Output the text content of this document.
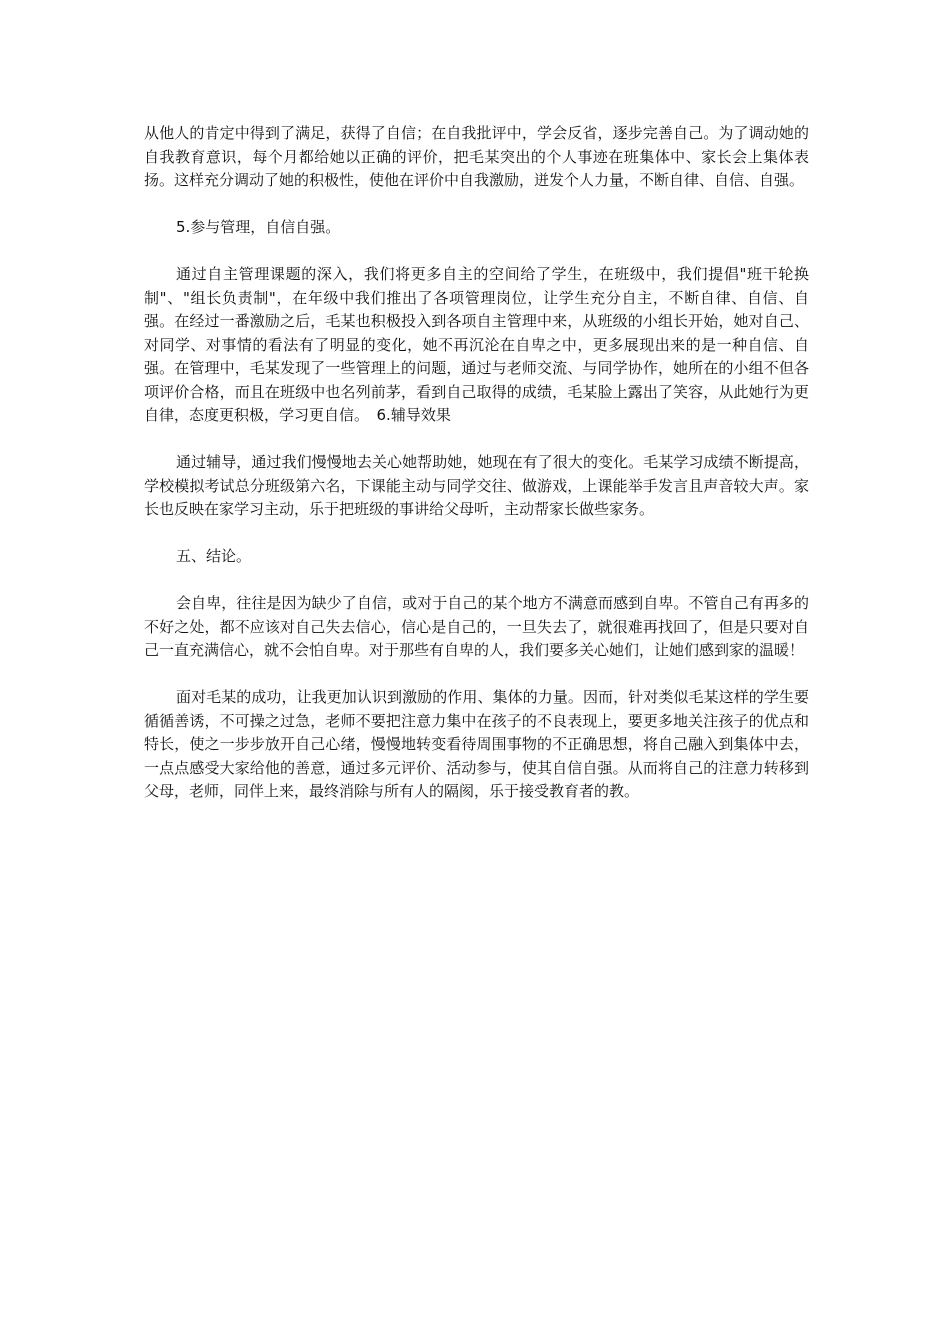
从他人的肯定中得到了满足，获得了自信；在自我批评中，学会反省，逐步完善自己。为了调动她的自我教育意识，每个月都给她以正确的评价，把毛某突出的个人事迹在班集体中、家长会上集体表扬。这样充分调动了她的积极性，使他在评价中自我激励，迸发个人力量，不断自律、自信、自强。

5.参与管理，自信自强。

通过自主管理课题的深入，我们将更多自主的空间给了学生，在班级中，我们提倡"班干轮换制"、"组长负责制"，在年级中我们推出了各项管理岗位，让学生充分自主，不断自律、自信、自强。在经过一番激励之后，毛某也积极投入到各项自主管理中来，从班级的小组长开始，她对自己、对同学、对事情的看法有了明显的变化，她不再沉沦在自卑之中，更多展现出来的是一种自信、自强。在管理中，毛某发现了一些管理上的问题，通过与老师交流、与同学协作，她所在的小组不但各项评价合格，而且在班级中也名列前茅，看到自己取得的成绩，毛某脸上露出了笑容，从此她行为更自律，态度更积极，学习更自信。　6.辅导效果

通过辅导，通过我们慢慢地去关心她帮助她，她现在有了很大的变化。毛某学习成绩不断提高，学校模拟考试总分班级第六名，下课能主动与同学交往、做游戏，上课能举手发言且声音较大声。家长也反映在家学习主动，乐于把班级的事讲给父母听，主动帮家长做些家务。

五、结论。

会自卑，往往是因为缺少了自信，或对于自己的某个地方不满意而感到自卑。不管自己有再多的不好之处，都不应该对自己失去信心，信心是自己的，一旦失去了，就很难再找回了，但是只要对自己一直充满信心，就不会怕自卑。对于那些有自卑的人，我们要多关心她们，让她们感到家的温暖！

面对毛某的成功，让我更加认识到激励的作用、集体的力量。因而，针对类似毛某这样的学生要循循善诱，不可操之过急，老师不要把注意力集中在孩子的不良表现上，要更多地关注孩子的优点和特长，使之一步步放开自己心绪，慢慢地转变看待周围事物的不正确思想，将自己融入到集体中去，一点点感受大家给他的善意，通过多元评价、活动参与，使其自信自强。从而将自己的注意力转移到父母，老师，同伴上来，最终消除与所有人的隔阂，乐于接受教育者的教。
